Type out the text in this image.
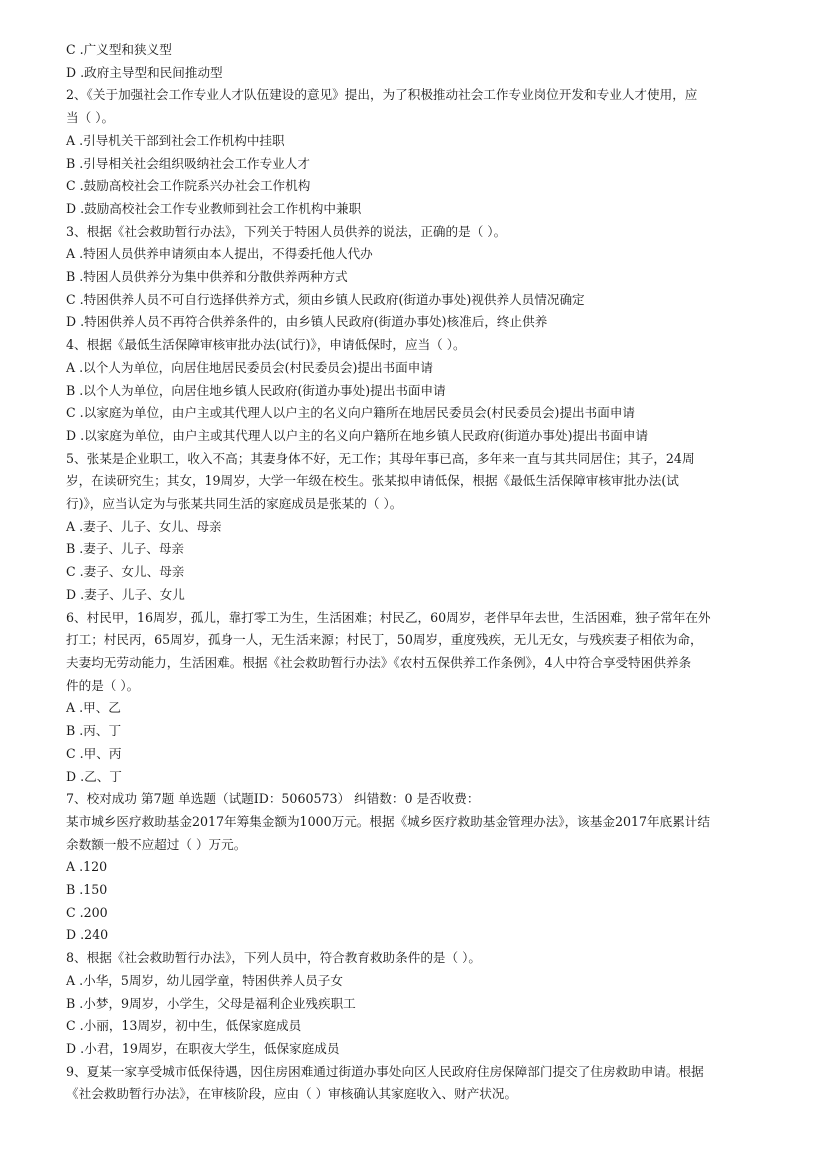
C .广义型和狭义型
D .政府主导型和民间推动型
2、《关于加强社会工作专业人才队伍建设的意见》提出，为了积极推动社会工作专业岗位开发和专业人才使用，应
当（ ）。
A .引导机关干部到社会工作机构中挂职
B .引导相关社会组织吸纳社会工作专业人才
C .鼓励高校社会工作院系兴办社会工作机构
D .鼓励高校社会工作专业教师到社会工作机构中兼职
3、根据《社会救助暂行办法》，下列关于特困人员供养的说法，正确的是（ ）。
A .特困人员供养申请须由本人提出，不得委托他人代办
B .特困人员供养分为集中供养和分散供养两种方式
C .特困供养人员不可自行选择供养方式，须由乡镇人民政府(街道办事处)视供养人员情况确定
D .特困供养人员不再符合供养条件的，由乡镇人民政府(街道办事处)核准后，终止供养
4、根据《最低生活保障审核审批办法(试行)》，申请低保时，应当（ ）。
A .以个人为单位，向居住地居民委员会(村民委员会)提出书面申请
B .以个人为单位，向居住地乡镇人民政府(街道办事处)提出书面申请
C .以家庭为单位，由户主或其代理人以户主的名义向户籍所在地居民委员会(村民委员会)提出书面申请
D .以家庭为单位，由户主或其代理人以户主的名义向户籍所在地乡镇人民政府(街道办事处)提出书面申请
5、张某是企业职工，收入不高；其妻身体不好，无工作；其母年事已高，多年来一直与其共同居住；其子，24周
岁，在读研究生；其女，19周岁，大学一年级在校生。张某拟申请低保，根据《最低生活保障审核审批办法(试
行)》，应当认定为与张某共同生活的家庭成员是张某的（ ）。
A .妻子、儿子、女儿、母亲
B .妻子、儿子、母亲
C .妻子、女儿、母亲
D .妻子、儿子、女儿
6、村民甲，16周岁，孤儿，靠打零工为生，生活困难；村民乙，60周岁，老伴早年去世，生活困难，独子常年在外
打工；村民丙，65周岁，孤身一人，无生活来源；村民丁，50周岁，重度残疾，无儿无女，与残疾妻子相依为命，
夫妻均无劳动能力，生活困难。根据《社会救助暂行办法》《农村五保供养工作条例》，4人中符合享受特困供养条
件的是（ ）。
A .甲、乙
B .丙、丁
C .甲、丙
D .乙、丁
7、校对成功 第7题 单选题（试题ID：5060573） 纠错数：0 是否收费：
某市城乡医疗救助基金2017年筹集金额为1000万元。根据《城乡医疗救助基金管理办法》，该基金2017年底累计结
余数额一般不应超过（ ）万元。
A .120
B .150
C .200
D .240
8、根据《社会救助暂行办法》，下列人员中，符合教育救助条件的是（ ）。
A .小华，5周岁，幼儿园学童，特困供养人员子女
B .小梦，9周岁，小学生，父母是福利企业残疾职工
C .小丽，13周岁，初中生，低保家庭成员
D .小君，19周岁，在职夜大学生，低保家庭成员
9、夏某一家享受城市低保待遇，因住房困难通过街道办事处向区人民政府住房保障部门提交了住房救助申请。根据
《社会救助暂行办法》，在审核阶段，应由（ ）审核确认其家庭收入、财产状况。
